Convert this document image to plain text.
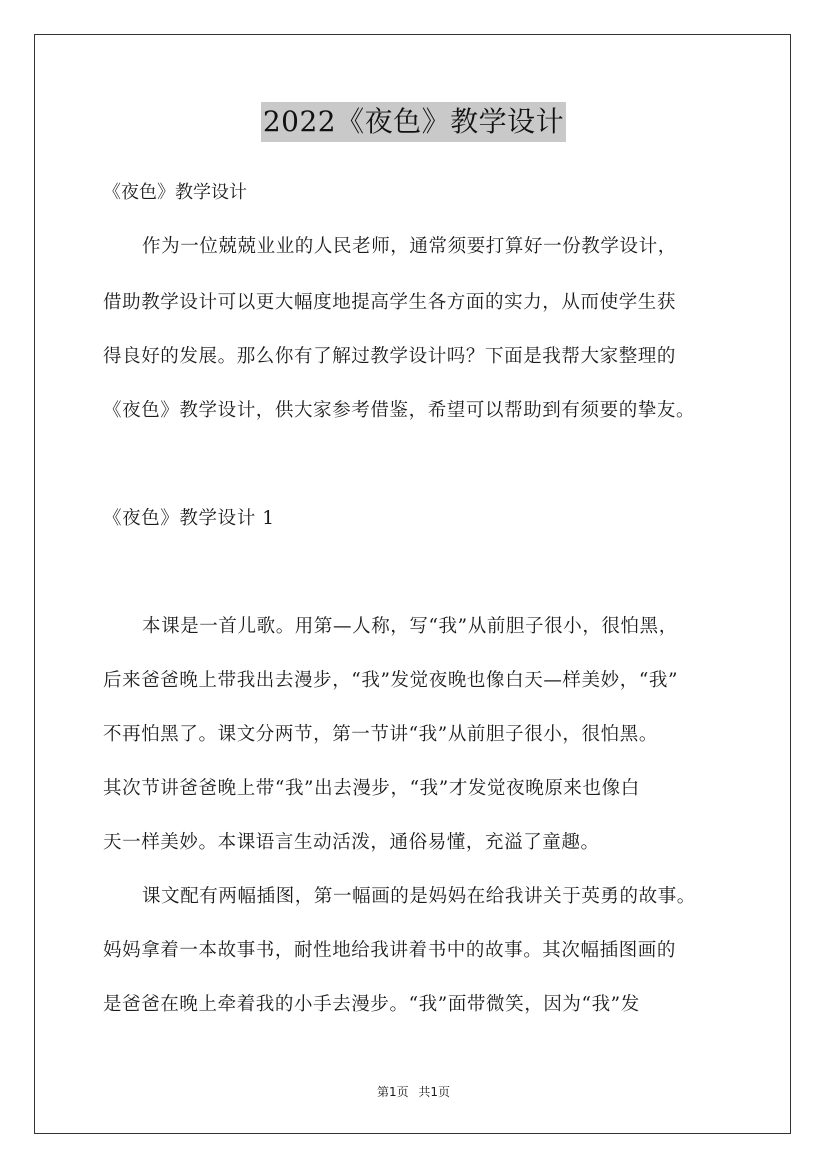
2022《夜色》教学设计
《夜色》教学设计
作为一位兢兢业业的人民老师，通常须要打算好一份教学设计，
借助教学设计可以更大幅度地提高学生各方面的实力，从而使学生获
得良好的发展。那么你有了解过教学设计吗？下面是我帮大家整理的
《夜色》教学设计，供大家参考借鉴，希望可以帮助到有须要的挚友。
《夜色》教学设计 1
本课是一首儿歌。用第—人称，写“我”从前胆子很小，很怕黑，
后来爸爸晚上带我出去漫步，“我”发觉夜晚也像白天—样美妙，“我”
不再怕黑了。课文分两节，第一节讲“我”从前胆子很小，很怕黑。
其次节讲爸爸晚上带“我”出去漫步，“我”才发觉夜晚原来也像白
天一样美妙。本课语言生动活泼，通俗易懂，充溢了童趣。
课文配有两幅插图，第一幅画的是妈妈在给我讲关于英勇的故事。
妈妈拿着一本故事书，耐性地给我讲着书中的故事。其次幅插图画的
是爸爸在晚上牵着我的小手去漫步。“我”面带微笑，因为“我”发
第1页 共1页
